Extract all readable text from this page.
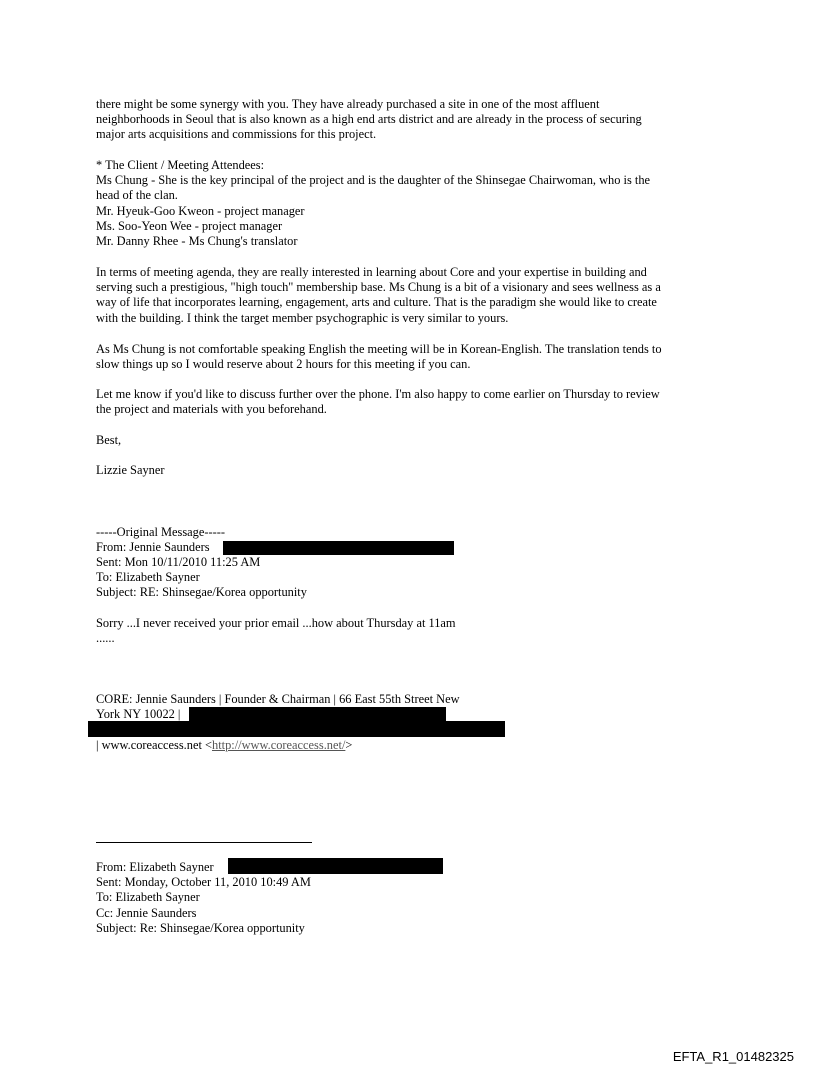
there might be some synergy with you. They have already purchased a site in one of the most affluent
neighborhoods in Seoul that is also known as a high end arts district and are already in the process of securing
major arts acquisitions and commissions for this project.
* The Client / Meeting Attendees:
Ms Chung - She is the key principal of the project and is the daughter of the Shinsegae Chairwoman, who is the
head of the clan.
Mr. Hyeuk-Goo Kweon - project manager
Ms. Soo-Yeon Wee - project manager
Mr. Danny Rhee - Ms Chung's translator
In terms of meeting agenda, they are really interested in learning about Core and your expertise in building and
serving such a prestigious, "high touch" membership base. Ms Chung is a bit of a visionary and sees wellness as a
way of life that incorporates learning, engagement, arts and culture. That is the paradigm she would like to create
with the building. I think the target member psychographic is very similar to yours.
As Ms Chung is not comfortable speaking English the meeting will be in Korean-English. The translation tends to
slow things up so I would reserve about 2 hours for this meeting if you can.
Let me know if you'd like to discuss further over the phone. I'm also happy to come earlier on Thursday to review
the project and materials with you beforehand.
Best,
Lizzie Sayner
-----Original Message-----
From: Jennie Saunders
Sent: Mon 10/11/2010 11:25 AM
To: Elizabeth Sayner
Subject: RE: Shinsegae/Korea opportunity
Sorry ...I never received your prior email ...how about Thursday at 11am
......
CORE: Jennie Saunders | Founder & Chairman | 66 East 55th Street New
York NY 10022 |
| www.coreaccess.net <http://www.coreaccess.net/>
From: Elizabeth Sayner
Sent: Monday, October 11, 2010 10:49 AM
To: Elizabeth Sayner
Cc: Jennie Saunders
Subject: Re: Shinsegae/Korea opportunity
EFTA_R1_01482325
